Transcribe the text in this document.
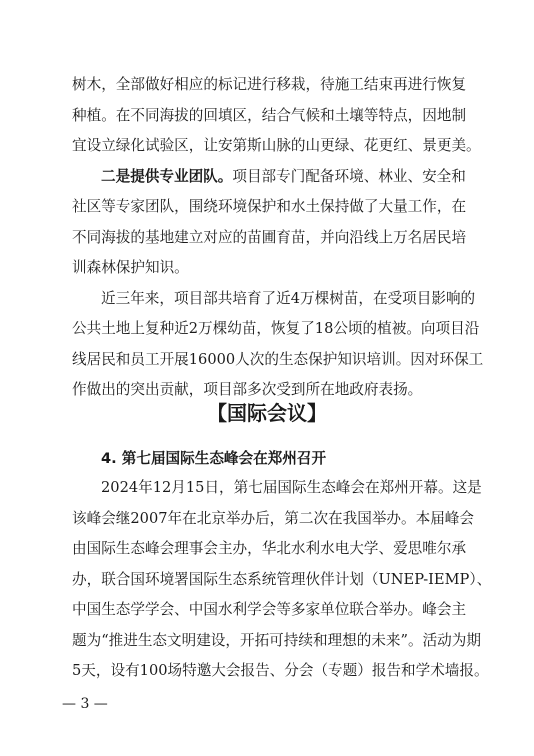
树木，全部做好相应的标记进行移栽，待施工结束再进行恢复
种植。在不同海拔的回填区，结合气候和土壤等特点，因地制
宜设立绿化试验区，让安第斯山脉的山更绿、花更红、景更美。
二是提供专业团队。项目部专门配备环境、林业、安全和
社区等专家团队，围绕环境保护和水土保持做了大量工作，在
不同海拔的基地建立对应的苗圃育苗，并向沿线上万名居民培
训森林保护知识。
近三年来，项目部共培育了近4万棵树苗，在受项目影响的
公共土地上复种近2万棵幼苗，恢复了18公顷的植被。向项目沿
线居民和员工开展16000人次的生态保护知识培训。因对环保工
作做出的突出贡献，项目部多次受到所在地政府表扬。
【国际会议】
4. 第七届国际生态峰会在郑州召开
2024年12月15日，第七届国际生态峰会在郑州开幕。这是
该峰会继2007年在北京举办后，第二次在我国举办。本届峰会
由国际生态峰会理事会主办，华北水利水电大学、爱思唯尔承
办，联合国环境署国际生态系统管理伙伴计划（UNEP-IEMP）、
中国生态学学会、中国水利学会等多家单位联合举办。峰会主
题为“推进生态文明建设，开拓可持续和理想的未来”。活动为期
5天，设有100场特邀大会报告、分会（专题）报告和学术墙报。
— 3 —
